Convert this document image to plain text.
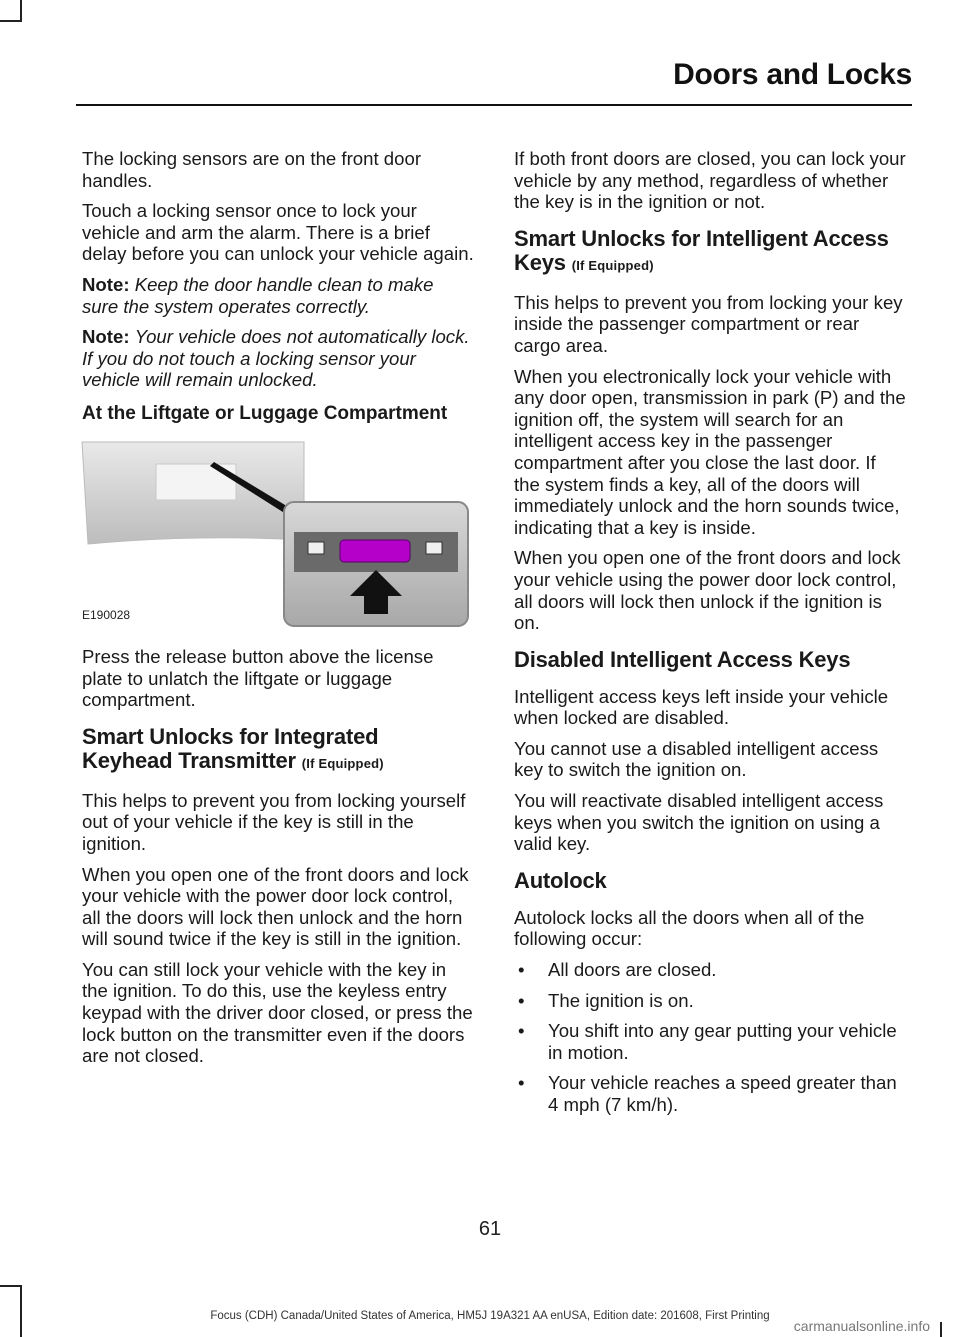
Doors and Locks

The locking sensors are on the front door handles.

Touch a locking sensor once to lock your vehicle and arm the alarm. There is a brief delay before you can unlock your vehicle again.

Note: Keep the door handle clean to make sure the system operates correctly.

Note: Your vehicle does not automatically lock. If you do not touch a locking sensor your vehicle will remain unlocked.

At the Liftgate or Luggage Compartment
E190028

Press the release button above the license plate to unlatch the liftgate or luggage compartment.

Smart Unlocks for Integrated Keyhead Transmitter (If Equipped)

This helps to prevent you from locking yourself out of your vehicle if the key is still in the ignition.

When you open one of the front doors and lock your vehicle with the power door lock control, all the doors will lock then unlock and the horn will sound twice if the key is still in the ignition.

You can still lock your vehicle with the key in the ignition. To do this, use the keyless entry keypad with the driver door closed, or press the lock button on the transmitter even if the doors are not closed.

If both front doors are closed, you can lock your vehicle by any method, regardless of whether the key is in the ignition or not.

Smart Unlocks for Intelligent Access Keys (If Equipped)

This helps to prevent you from locking your key inside the passenger compartment or rear cargo area.

When you electronically lock your vehicle with any door open, transmission in park (P) and the ignition off, the system will search for an intelligent access key in the passenger compartment after you close the last door. If the system finds a key, all of the doors will immediately unlock and the horn sounds twice, indicating that a key is inside.

When you open one of the front doors and lock your vehicle using the power door lock control, all doors will lock then unlock if the ignition is on.

Disabled Intelligent Access Keys

Intelligent access keys left inside your vehicle when locked are disabled.

You cannot use a disabled intelligent access key to switch the ignition on.

You will reactivate disabled intelligent access keys when you switch the ignition on using a valid key.

Autolock

Autolock locks all the doors when all of the following occur:

• All doors are closed.
• The ignition is on.
• You shift into any gear putting your vehicle in motion.
• Your vehicle reaches a speed greater than 4 mph (7 km/h).
61
Focus (CDH) Canada/United States of America, HM5J 19A321 AA enUSA, Edition date: 201608, First Printing
carmanualsonline.info
